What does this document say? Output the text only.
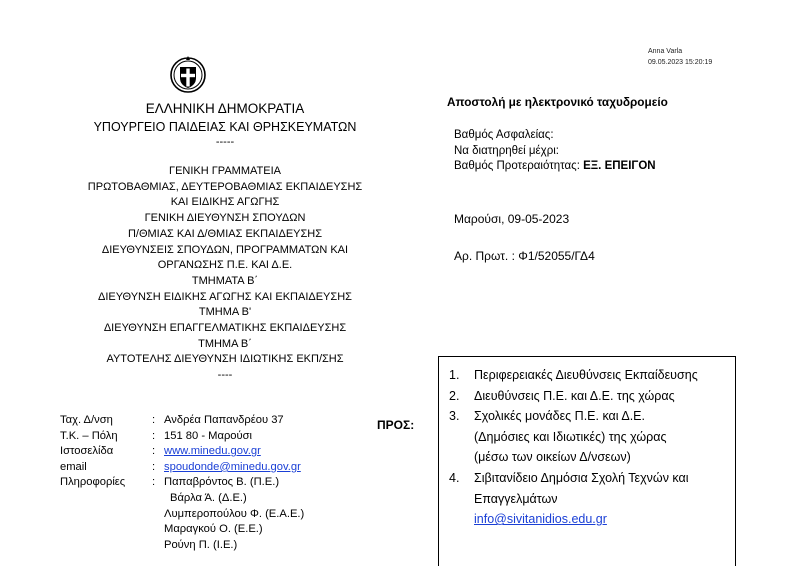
Anna Varla
09.05.2023 15:20:19
ΕΛΛΗΝΙΚΗ ΔΗΜΟΚΡΑΤΙΑ
ΥΠΟΥΡΓΕΙΟ ΠΑΙΔΕΙΑΣ ΚΑΙ ΘΡΗΣΚΕΥΜΑΤΩΝ
-----
ΓΕΝΙΚΗ ΓΡΑΜΜΑΤΕΙΑ
ΠΡΩΤΟΒΑΘΜΙΑΣ, ΔΕΥΤΕΡΟΒΑΘΜΙΑΣ ΕΚΠΑΙΔΕΥΣΗΣ
ΚΑΙ ΕΙΔΙΚΗΣ ΑΓΩΓΗΣ
ΓΕΝΙΚΗ ΔΙΕΥΘΥΝΣΗ ΣΠΟΥΔΩΝ
Π/ΘΜΙΑΣ ΚΑΙ Δ/ΘΜΙΑΣ ΕΚΠΑΙΔΕΥΣΗΣ
ΔΙΕΥΘΥΝΣΕΙΣ ΣΠΟΥΔΩΝ, ΠΡΟΓΡΑΜΜΑΤΩΝ ΚΑΙ
ΟΡΓΑΝΩΣΗΣ Π.Ε. ΚΑΙ Δ.Ε.
ΤΜΗΜΑΤΑ Β΄
ΔΙΕΥΘΥΝΣΗ ΕΙΔΙΚΗΣ ΑΓΩΓΗΣ ΚΑΙ ΕΚΠΑΙΔΕΥΣΗΣ
ΤΜΗΜΑ Β'
ΔΙΕΥΘΥΝΣΗ ΕΠΑΓΓΕΛΜΑΤΙΚΗΣ ΕΚΠΑΙΔΕΥΣΗΣ
ΤΜΗΜΑ Β΄
ΑΥΤΟΤΕΛΗΣ ΔΙΕΥΘΥΝΣΗ ΙΔΙΩΤΙΚΗΣ ΕΚΠ/ΣΗΣ
----
Ταχ. Δ/νση	: Ανδρέα Παπανδρέου 37
Τ.Κ. – Πόλη	: 151 80 - Μαρούσι
Ιστοσελίδα	: www.minedu.gov.gr
email	: spoudonde@minedu.gov.gr
Πληροφορίες	: Παπαβρόντος Β. (Π.Ε.)
Βάρλα Ά. (Δ.Ε.)
Λυμπεροπούλου Φ. (Ε.Α.Ε.)
Μαραγκού Ο. (Ε.Ε.)
Ρούνη Π. (Ι.Ε.)
Αποστολή με ηλεκτρονικό ταχυδρομείο
Βαθμός Ασφαλείας:
Να διατηρηθεί μέχρι:
Βαθμός Προτεραιότητας: ΕΞ. ΕΠΕΙΓΟΝ
Μαρούσι, 09-05-2023
Αρ. Πρωτ. : Φ1/52055/ΓΔ4
ΠΡΟΣ:
1.	Περιφερειακές Διευθύνσεις Εκπαίδευσης
2.	Διευθύνσεις Π.Ε. και Δ.Ε. της χώρας
3.	Σχολικές μονάδες Π.Ε. και Δ.Ε.
(Δημόσιες και Ιδιωτικές) της χώρας
(μέσω των οικείων Δ/νσεων)
4.	Σιβιτανίδειο Δημόσια Σχολή Τεχνών και
Επαγγελμάτων
info@sivitanidios.edu.gr
